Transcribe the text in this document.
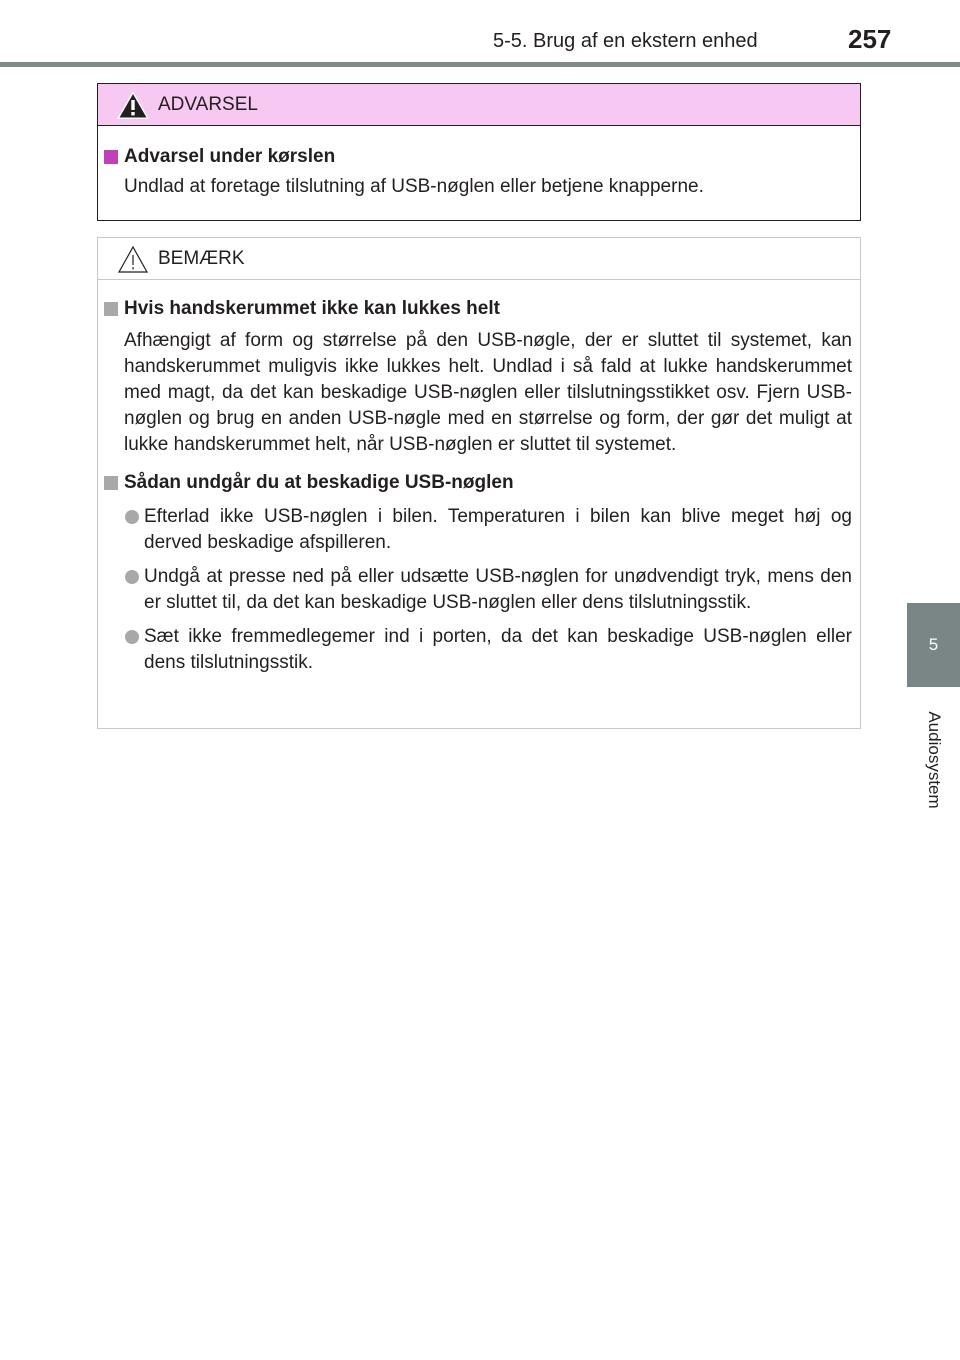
5-5. Brug af en ekstern enhed	257
5
Audiosystem
ADVARSEL
Advarsel under kørslen
Undlad at foretage tilslutning af USB-nøglen eller betjene knapperne.
BEMÆRK
Hvis handskerummet ikke kan lukkes helt
Afhængigt af form og størrelse på den USB-nøgle, der er sluttet til systemet, kan handskerummet muligvis ikke lukkes helt. Undlad i så fald at lukke handskerummet med magt, da det kan beskadige USB-nøglen eller tilslutningsstikket osv. Fjern USB-nøglen og brug en anden USB-nøgle med en størrelse og form, der gør det muligt at lukke handskerummet helt, når USB-nøglen er sluttet til systemet.
Sådan undgår du at beskadige USB-nøglen
Efterlad ikke USB-nøglen i bilen. Temperaturen i bilen kan blive meget høj og derved beskadige afspilleren.
Undgå at presse ned på eller udsætte USB-nøglen for unødvendigt tryk, mens den er sluttet til, da det kan beskadige USB-nøglen eller dens tilslutningsstik.
Sæt ikke fremmedlegemer ind i porten, da det kan beskadige USB-nøglen eller dens tilslutningsstik.
